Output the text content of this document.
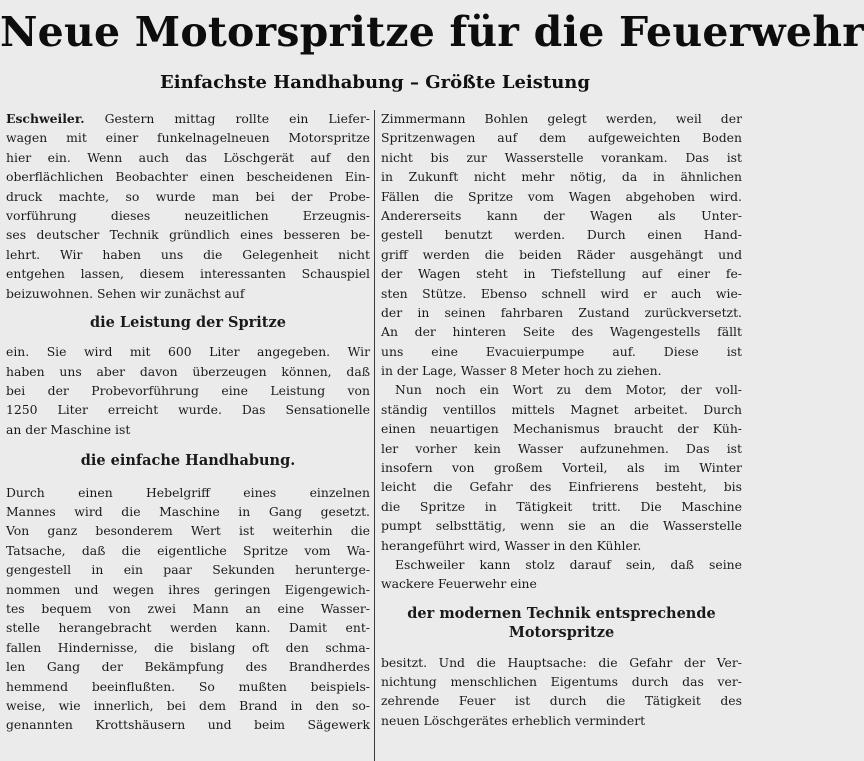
Neue Motorspritze für die Feuerwehr
Einfachste Handhabung – Größte Leistung
Eschweiler. Gestern mittag rollte ein Liefer-
wagen mit einer funkelnagelneuen Motorspritze
hier ein. Wenn auch das Löschgerät auf den
oberflächlichen Beobachter einen bescheidenen Ein-
druck machte, so wurde man bei der Probe-
vorführung dieses neuzeitlichen Erzeugnis-
ses deutscher Technik gründlich eines besseren be-
lehrt. Wir haben uns die Gelegenheit nicht
entgehen lassen, diesem interessanten Schauspiel
beizuwohnen. Sehen wir zunächst auf
die Leistung der Spritze
ein. Sie wird mit 600 Liter angegeben. Wir
haben uns aber davon überzeugen können, daß
bei der Probevorführung eine Leistung von
1250 Liter erreicht wurde. Das Sensationelle
an der Maschine ist
die einfache Handhabung.
Durch einen Hebelgriff eines einzelnen
Mannes wird die Maschine in Gang gesetzt.
Von ganz besonderem Wert ist weiterhin die
Tatsache, daß die eigentliche Spritze vom Wa-
gengestell in ein paar Sekunden herunterge-
nommen und wegen ihres geringen Eigengewich-
tes bequem von zwei Mann an eine Wasser-
stelle herangebracht werden kann. Damit ent-
fallen Hindernisse, die bislang oft den schma-
len Gang der Bekämpfung des Brandherdes
hemmend beeinflußten. So mußten beispiels-
weise, wie innerlich, bei dem Brand in den so-
genannten Krottshäusern und beim Sägewerk
Zimmermann Bohlen gelegt werden, weil der
Spritzenwagen auf dem aufgeweichten Boden
nicht bis zur Wasserstelle vorankam. Das ist
in Zukunft nicht mehr nötig, da in ähnlichen
Fällen die Spritze vom Wagen abgehoben wird.
Andererseits kann der Wagen als Unter-
gestell benutzt werden. Durch einen Hand-
griff werden die beiden Räder ausgehängt und
der Wagen steht in Tiefstellung auf einer fe-
sten Stütze. Ebenso schnell wird er auch wie-
der in seinen fahrbaren Zustand zurückversetzt.
An der hinteren Seite des Wagengestells fällt
uns eine Evacuierpumpe auf. Diese ist
in der Lage, Wasser 8 Meter hoch zu ziehen.
Nun noch ein Wort zu dem Motor, der voll-
ständig ventillos mittels Magnet arbeitet. Durch
einen neuartigen Mechanismus braucht der Küh-
ler vorher kein Wasser aufzunehmen. Das ist
insofern von großem Vorteil, als im Winter
leicht die Gefahr des Einfrierens besteht, bis
die Spritze in Tätigkeit tritt. Die Maschine
pumpt selbsttätig, wenn sie an die Wasserstelle
herangeführt wird, Wasser in den Kühler.
Eschweiler kann stolz darauf sein, daß seine
wackere Feuerwehr eine
der modernen Technik entsprechende
Motorspritze
besitzt. Und die Hauptsache: die Gefahr der Ver-
nichtung menschlichen Eigentums durch das ver-
zehrende Feuer ist durch die Tätigkeit des
neuen Löschgerätes erheblich vermindert
